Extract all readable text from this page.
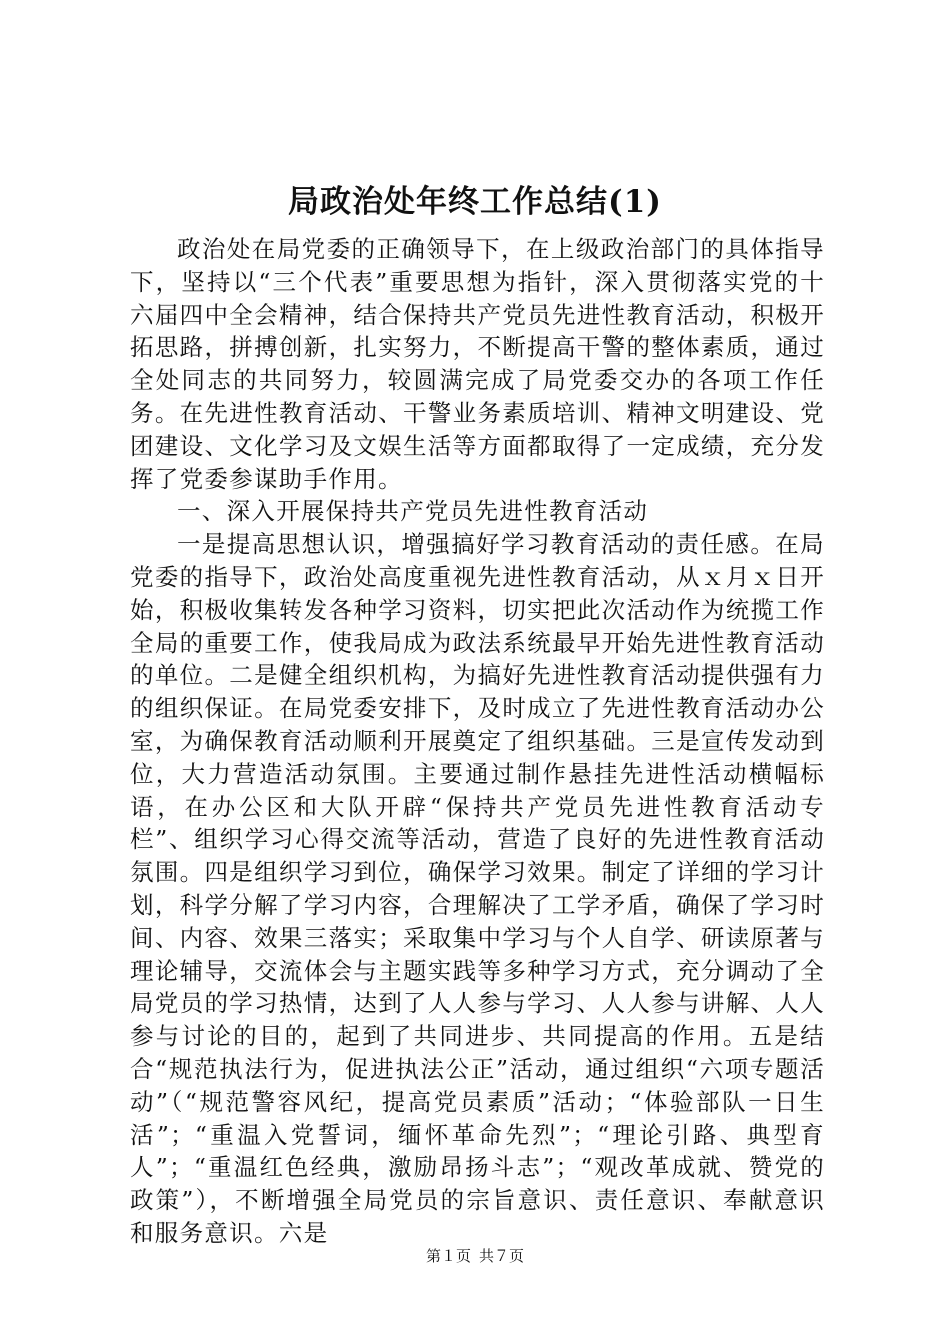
局政治处年终工作总结(1)

政治处在局党委的正确领导下，在上级政治部门的具体指导下，坚持以“三个代表”重要思想为指针，深入贯彻落实党的十六届四中全会精神，结合保持共产党员先进性教育活动，积极开拓思路，拼搏创新，扎实努力，不断提高干警的整体素质，通过全处同志的共同努力，较圆满完成了局党委交办的各项工作任务。在先进性教育活动、干警业务素质培训、精神文明建设、党团建设、文化学习及文娱生活等方面都取得了一定成绩，充分发挥了党委参谋助手作用。

一、深入开展保持共产党员先进性教育活动

一是提高思想认识，增强搞好学习教育活动的责任感。在局党委的指导下，政治处高度重视先进性教育活动，从ｘ月ｘ日开始，积极收集转发各种学习资料，切实把此次活动作为统揽工作全局的重要工作，使我局成为政法系统最早开始先进性教育活动的单位。二是健全组织机构，为搞好先进性教育活动提供强有力的组织保证。在局党委安排下，及时成立了先进性教育活动办公室，为确保教育活动顺利开展奠定了组织基础。三是宣传发动到位，大力营造活动氛围。主要通过制作悬挂先进性活动横幅标语，在办公区和大队开辟“保持共产党员先进性教育活动专栏”、组织学习心得交流等活动，营造了良好的先进性教育活动氛围。四是组织学习到位，确保学习效果。制定了详细的学习计划，科学分解了学习内容，合理解决了工学矛盾，确保了学习时间、内容、效果三落实；采取集中学习与个人自学、研读原著与理论辅导，交流体会与主题实践等多种学习方式，充分调动了全局党员的学习热情，达到了人人参与学习、人人参与讲解、人人参与讨论的目的，起到了共同进步、共同提高的作用。五是结合“规范执法行为，促进执法公正”活动，通过组织“六项专题活动”（“规范警容风纪，提高党员素质”活动；“体验部队一日生活”；“重温入党誓词，缅怀革命先烈”；“理论引路、典型育人”；“重温红色经典，激励昂扬斗志”；“观改革成就、赞党的政策”），不断增强全局党员的宗旨意识、责任意识、奉献意识和服务意识。六是

第１页 共７页
